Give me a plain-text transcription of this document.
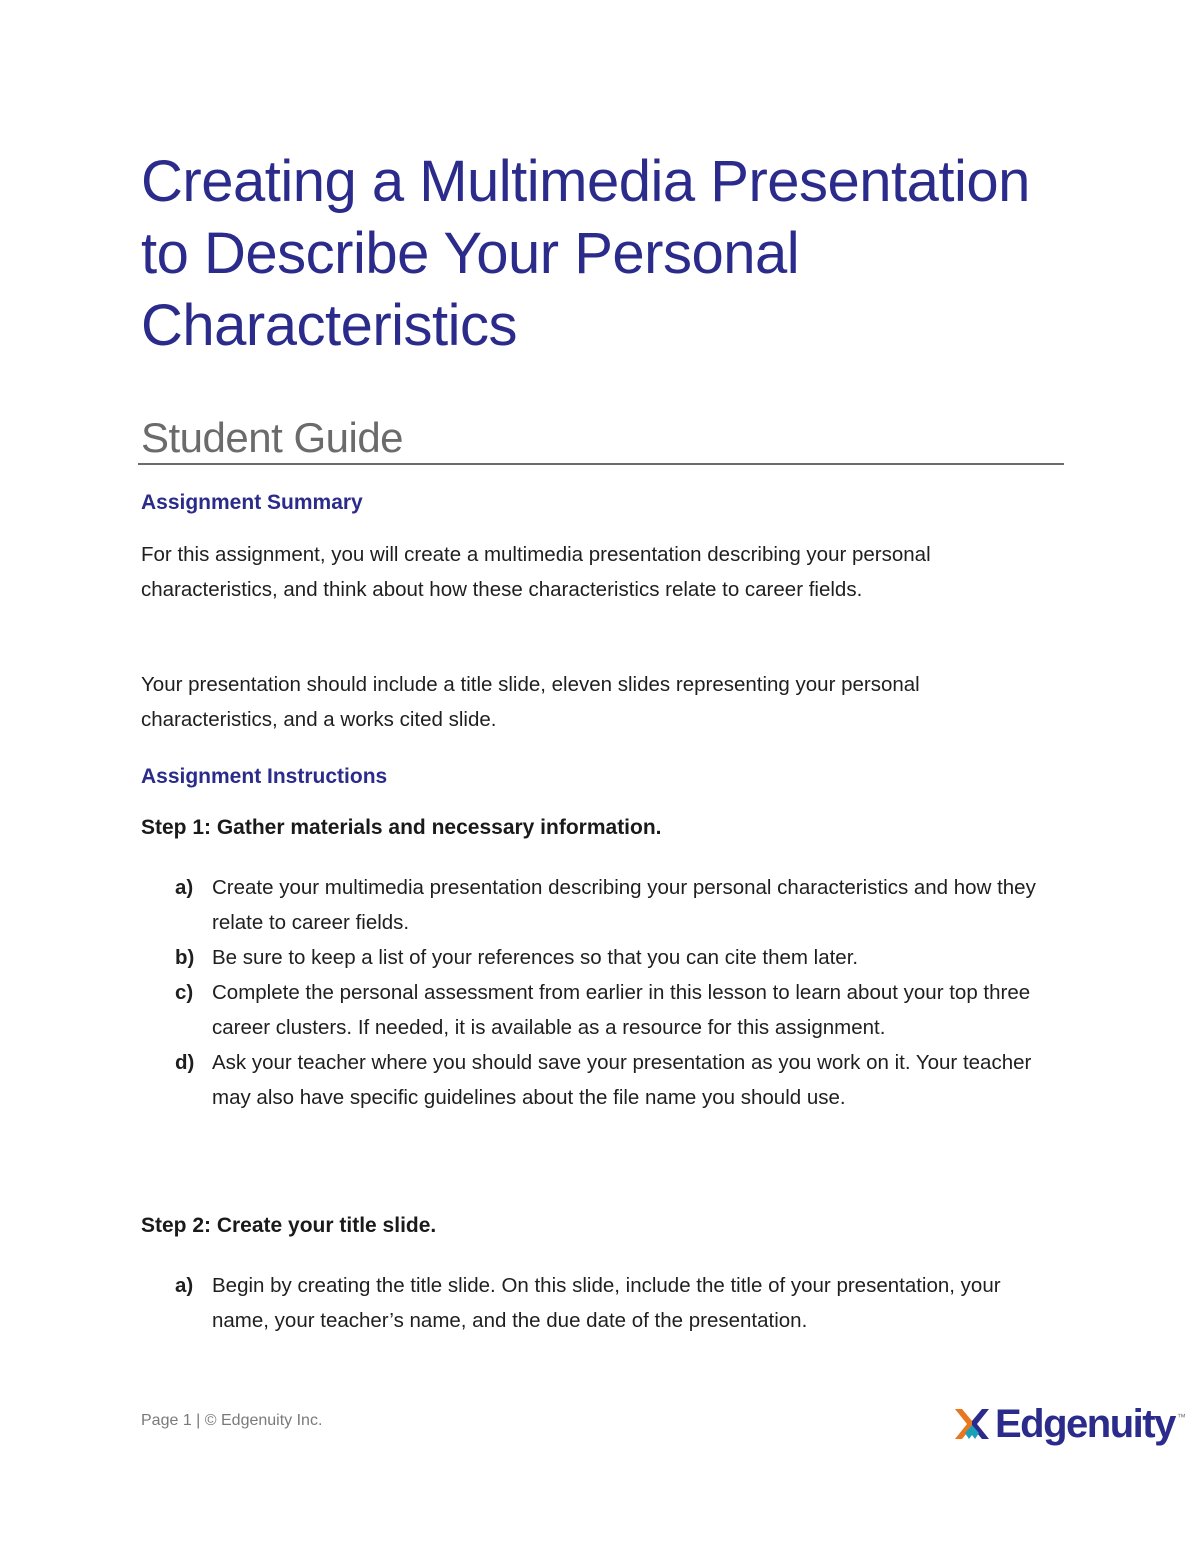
Creating a Multimedia Presentation
to Describe Your Personal
Characteristics
Student Guide
Assignment Summary

For this assignment, you will create a multimedia presentation describing your personal characteristics, and think about how these characteristics relate to career fields.

Your presentation should include a title slide, eleven slides representing your personal characteristics, and a works cited slide.

Assignment Instructions

Step 1: Gather materials and necessary information.

a) Create your multimedia presentation describing your personal characteristics and how they relate to career fields.
b) Be sure to keep a list of your references so that you can cite them later.
c) Complete the personal assessment from earlier in this lesson to learn about your top three career clusters. If needed, it is available as a resource for this assignment.
d) Ask your teacher where you should save your presentation as you work on it. Your teacher may also have specific guidelines about the file name you should use.

Step 2: Create your title slide.

a) Begin by creating the title slide. On this slide, include the title of your presentation, your name, your teacher’s name, and the due date of the presentation.
Page 1 | © Edgenuity Inc.	Edgenuity ™
